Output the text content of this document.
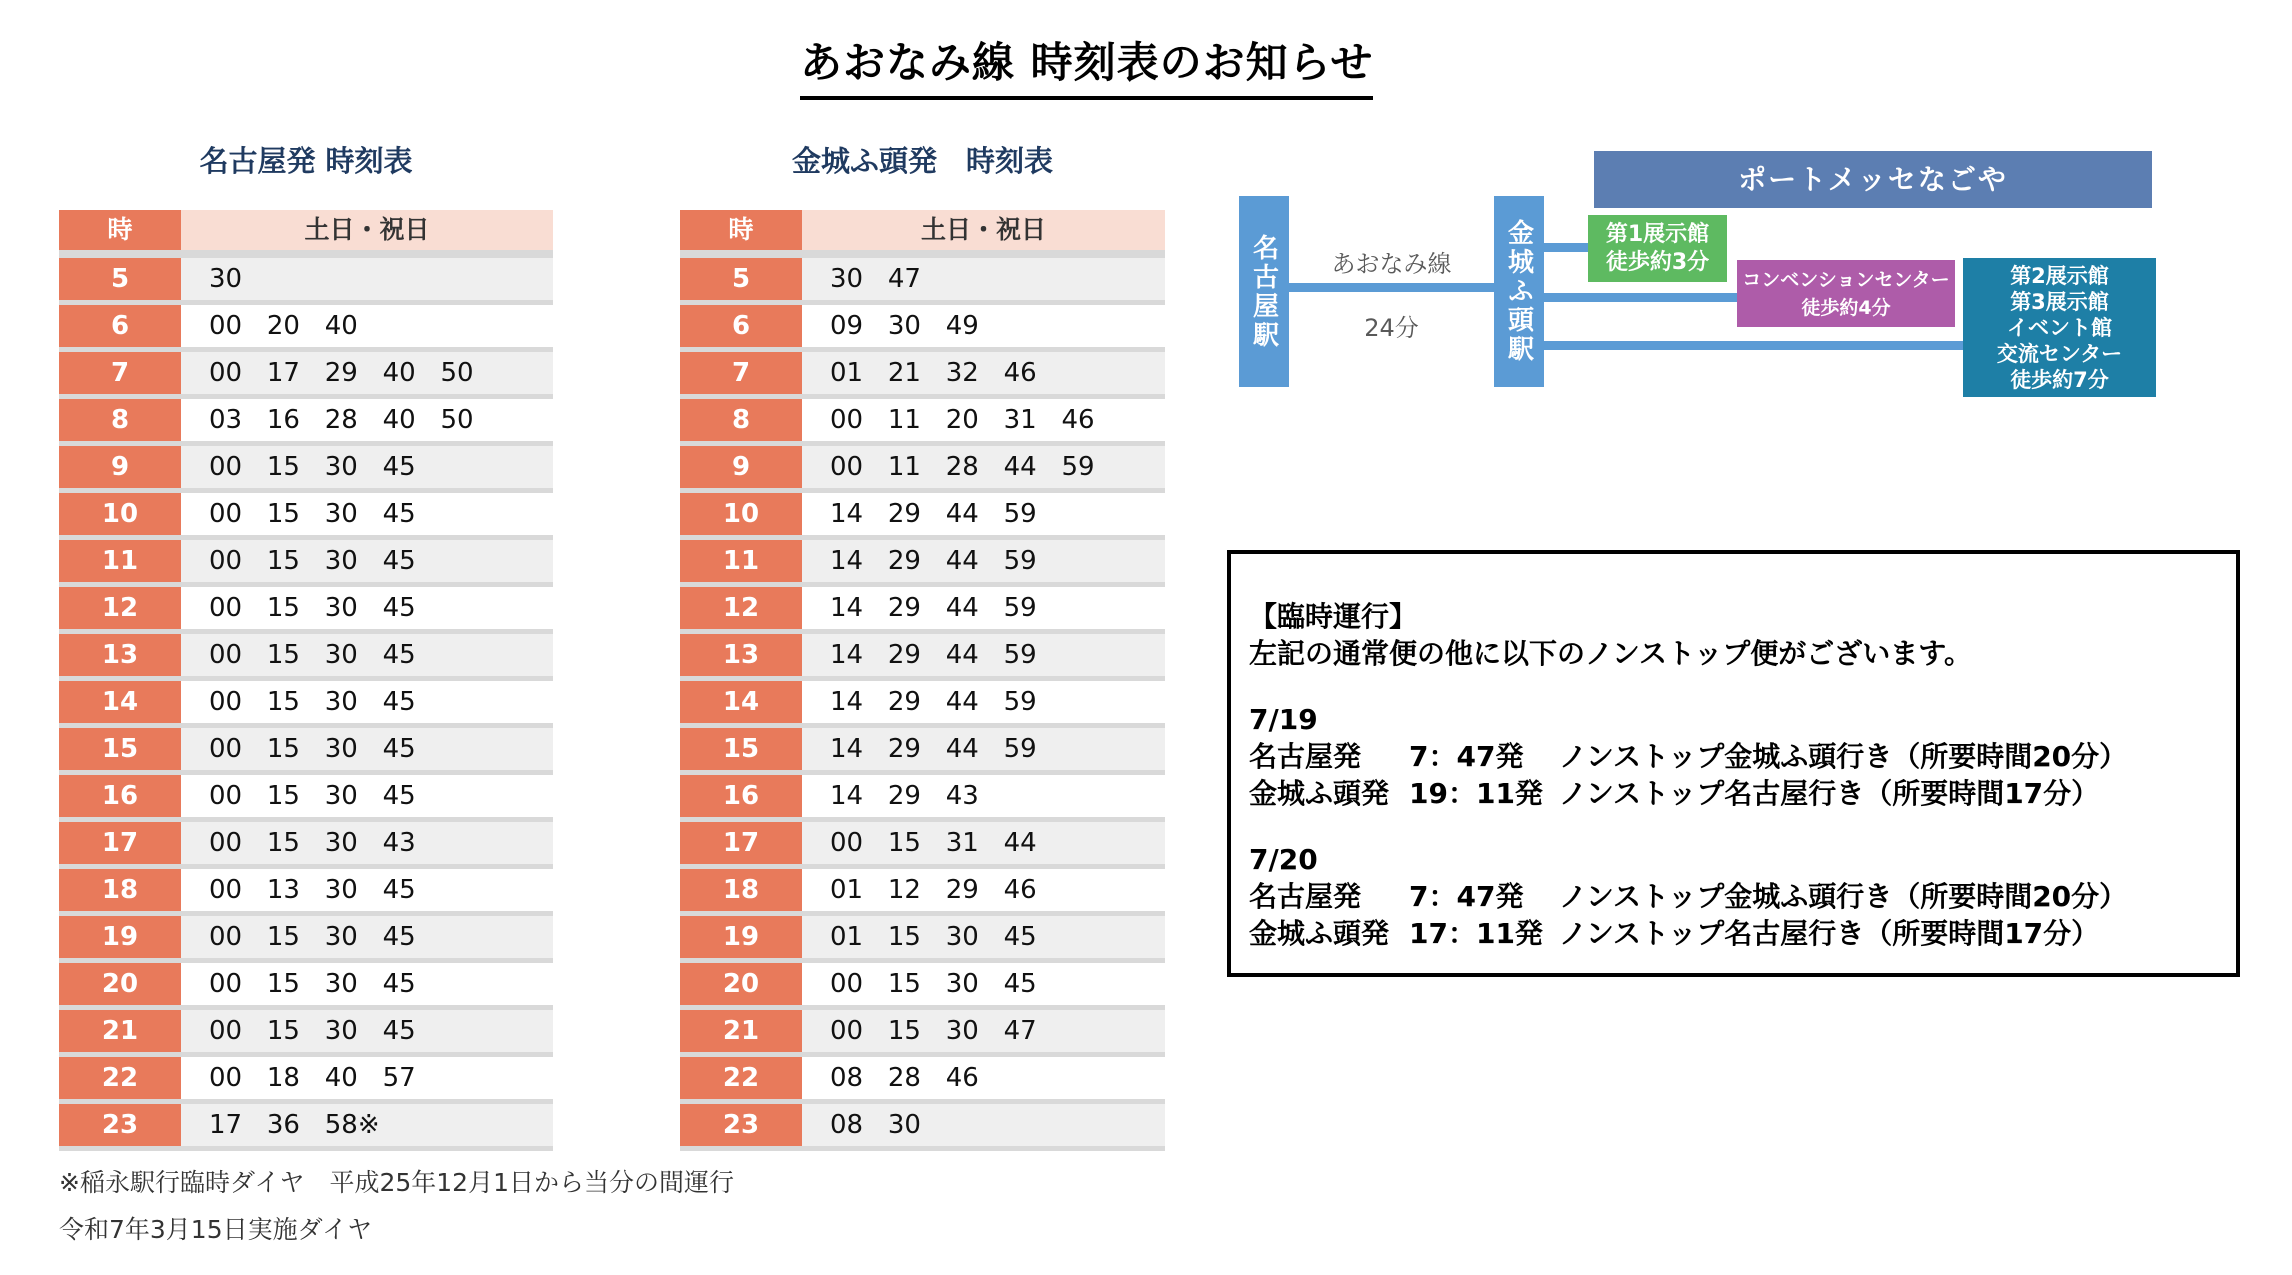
あおなみ線 時刻表のお知らせ
名古屋発 時刻表
時	土日・祝日
5	30
6	00   20   40
7	00   17   29   40   50
8	03   16   28   40   50
9	00   15   30   45
10	00   15   30   45
11	00   15   30   45
12	00   15   30   45
13	00   15   30   45
14	00   15   30   45
15	00   15   30   45
16	00   15   30   45
17	00   15   30   43
18	00   13   30   45
19	00   15   30   45
20	00   15   30   45
21	00   15   30   45
22	00   18   40   57
23	17   36   58※
金城ふ頭発　時刻表
時	土日・祝日
5	30   47
6	09   30   49
7	01   21   32   46
8	00   11   20   31   46
9	00   11   28   44   59
10	14   29   44   59
11	14   29   44   59
12	14   29   44   59
13	14   29   44   59
14	14   29   44   59
15	14   29   44   59
16	14   29   43
17	00   15   31   44
18	01   12   29   46
19	01   15   30   45
20	00   15   30   45
21	00   15   30   47
22	08   28   46
23	08   30
名古屋駅	あおなみ線
24分	金城ふ頭駅
ポートメッセなごや
第1展示館
徒歩約3分
コンベンションセンター
徒歩約4分
第2展示館
第3展示館
イベント館
交流センター
徒歩約7分
【臨時運行】
左記の通常便の他に以下のノンストップ便がございます。
7/19
名古屋発	7：47発	ノンストップ金城ふ頭行き（所要時間20分）
金城ふ頭発 19：11発 ノンストップ名古屋行き（所要時間17分）
7/20
名古屋発	7：47発	ノンストップ金城ふ頭行き（所要時間20分）
金城ふ頭発 17：11発 ノンストップ名古屋行き（所要時間17分）
※稲永駅行臨時ダイヤ　平成25年12月1日から当分の間運行
令和7年3月15日実施ダイヤ
